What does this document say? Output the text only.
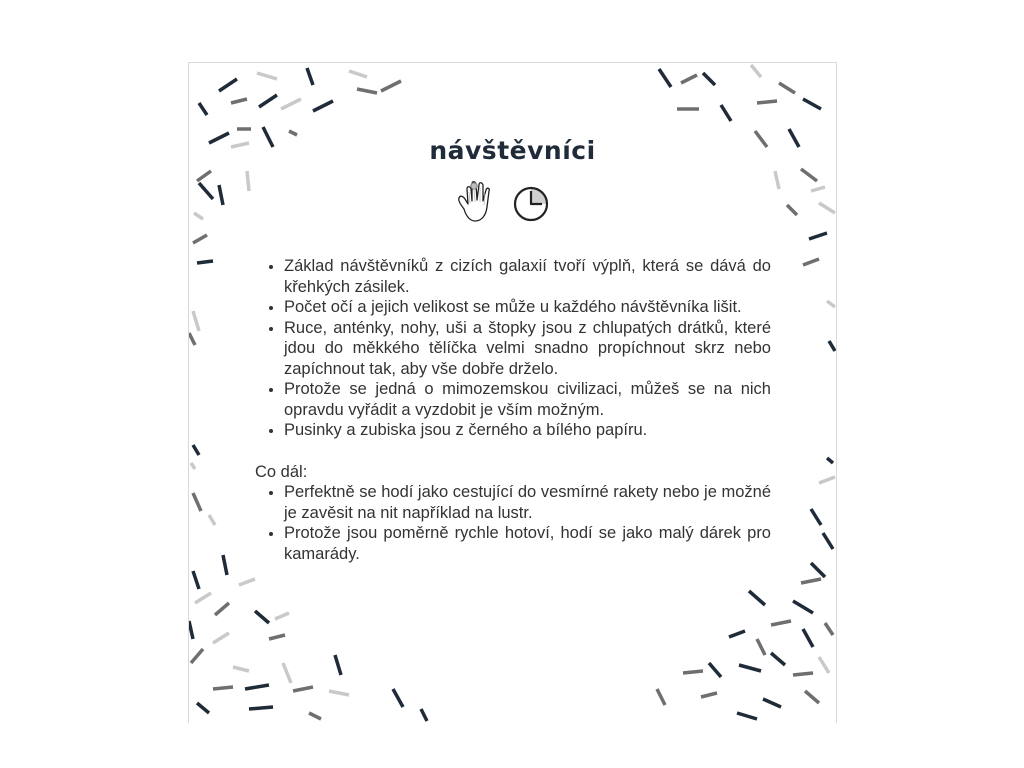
návštěvníci
• Základ návštěvníků z cizích galaxií tvoří výplň, která se dává do křehkých zásilek.
• Počet očí a jejich velikost se může u každého návštěvníka lišit.
• Ruce, anténky, nohy, uši a štopky jsou z chlupatých drátků, které jdou do měkkého tělíčka velmi snadno propíchnout skrz nebo zapíchnout tak, aby vše dobře drželo.
• Protože se jedná o mimozemskou civilizaci, můžeš se na nich opravdu vyřádit a vyzdobit je vším možným.
• Pusinky a zubiska jsou z černého a bílého papíru.

Co dál:

• Perfektně se hodí jako cestující do vesmírné rakety nebo je možné je zavěsit na nit například na lustr.
• Protože jsou poměrně rychle hotoví, hodí se jako malý dárek pro kamarády.
